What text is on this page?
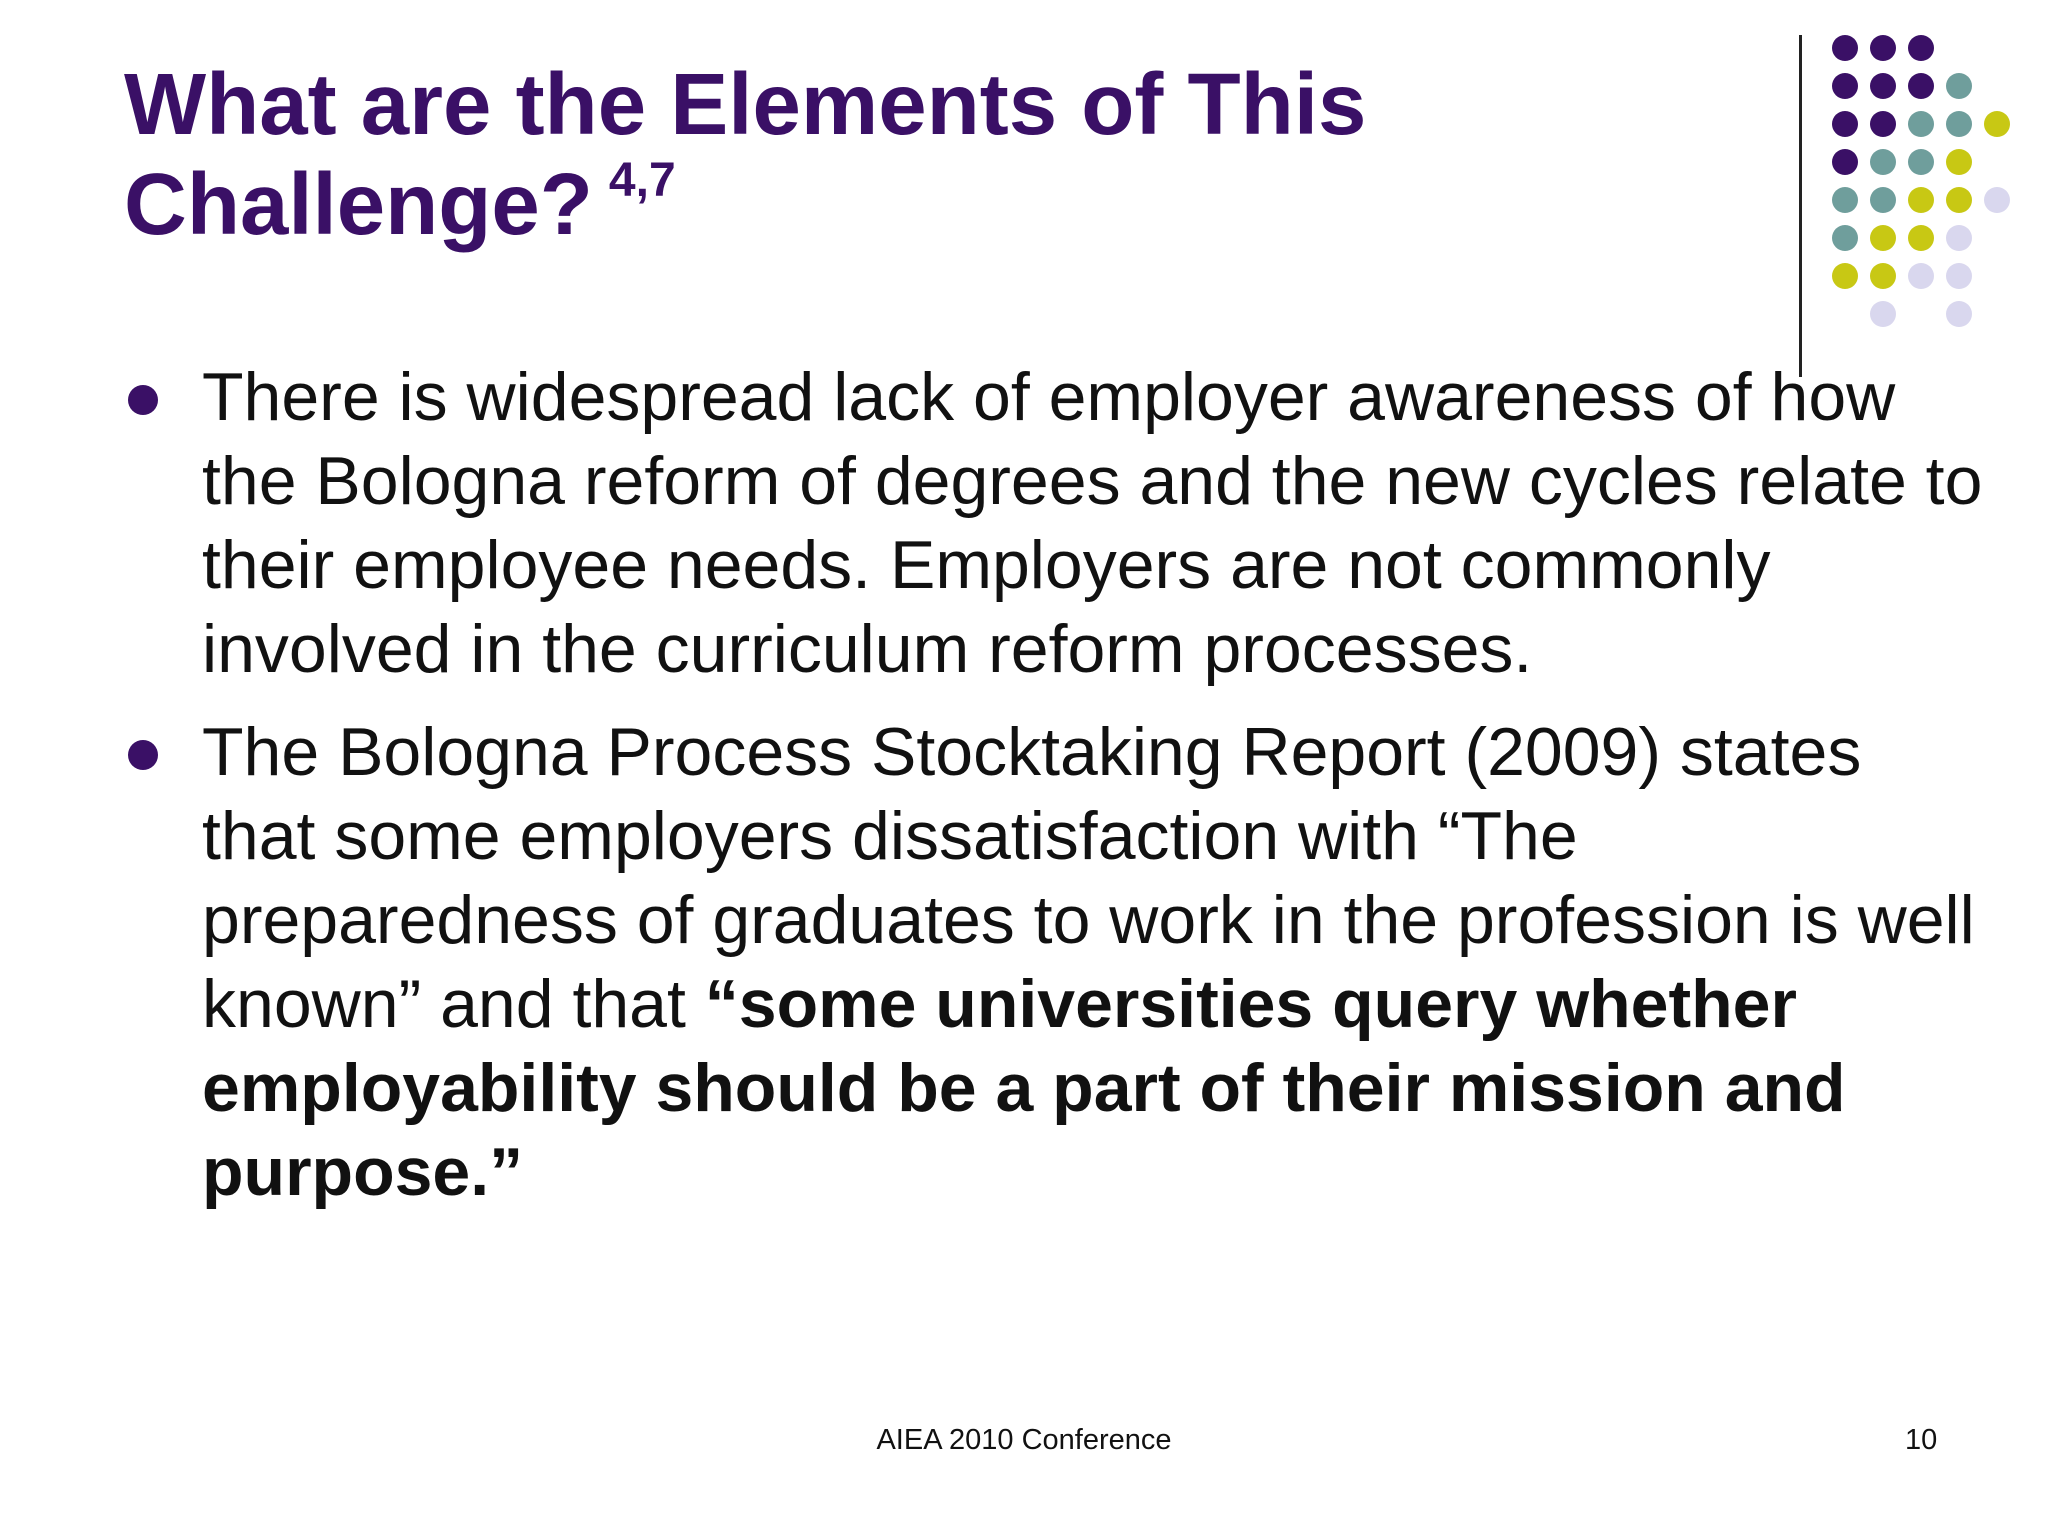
What are the Elements of This Challenge? $^{4,7}$
There is widespread lack of employer awareness of how the Bologna reform of degrees and the new cycles relate to their employee needs. Employers are not commonly involved in the curriculum reform processes.
The Bologna Process Stocktaking Report (2009) states that some employers dissatisfaction with “The preparedness of graduates to work in the profession is well known” and that “some universities query whether employability should be a part of their mission and purpose.”
AIEA 2010 Conference	10
